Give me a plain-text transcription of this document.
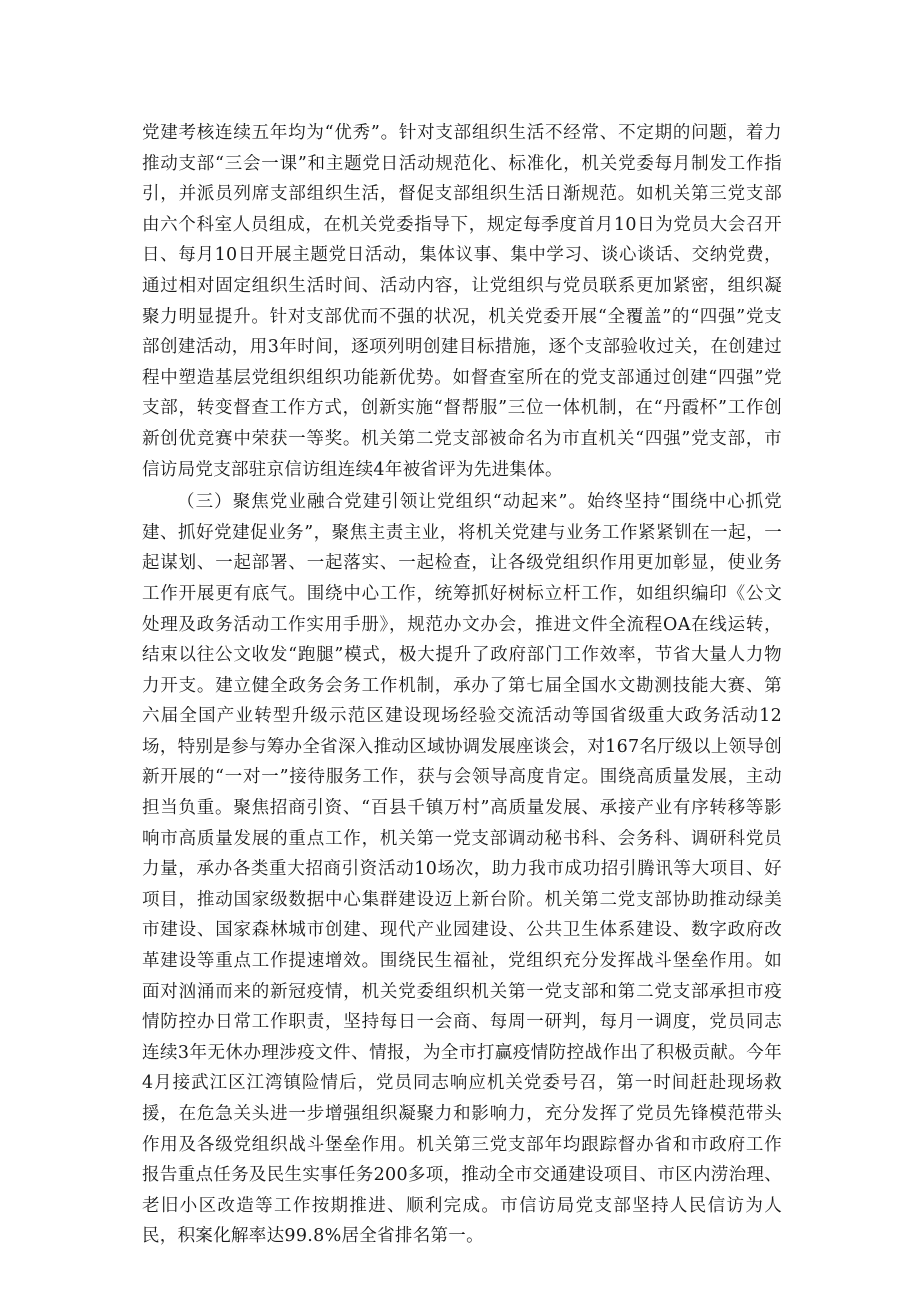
党建考核连续五年均为“优秀”。针对支部组织生活不经常、不定期的问题，着力推动支部“三会一课”和主题党日活动规范化、标准化，机关党委每月制发工作指引，并派员列席支部组织生活，督促支部组织生活日渐规范。如机关第三党支部由六个科室人员组成，在机关党委指导下，规定每季度首月10日为党员大会召开日、每月10日开展主题党日活动，集体议事、集中学习、谈心谈话、交纳党费，通过相对固定组织生活时间、活动内容，让党组织与党员联系更加紧密，组织凝聚力明显提升。针对支部优而不强的状况，机关党委开展“全覆盖”的“四强”党支部创建活动，用3年时间，逐项列明创建目标措施，逐个支部验收过关，在创建过程中塑造基层党组织组织功能新优势。如督查室所在的党支部通过创建“四强”党支部，转变督查工作方式，创新实施“督帮服”三位一体机制，在“丹霞杯”工作创新创优竞赛中荣获一等奖。机关第二党支部被命名为市直机关“四强”党支部，市信访局党支部驻京信访组连续4年被省评为先进集体。

（三）聚焦党业融合党建引领让党组织“动起来”。始终坚持“围绕中心抓党建、抓好党建促业务”，聚焦主责主业，将机关党建与业务工作紧紧钏在一起，一起谋划、一起部署、一起落实、一起检查，让各级党组织作用更加彰显，使业务工作开展更有底气。围绕中心工作，统筹抓好树标立杆工作，如组织编印《公文处理及政务活动工作实用手册》，规范办文办会，推进文件全流程OA在线运转，结束以往公文收发“跑腿”模式，极大提升了政府部门工作效率，节省大量人力物力开支。建立健全政务会务工作机制，承办了第七届全国水文勘测技能大赛、第六届全国产业转型升级示范区建设现场经验交流活动等国省级重大政务活动12场，特别是参与筹办全省深入推动区域协调发展座谈会，对167名厅级以上领导创新开展的“一对一”接待服务工作，获与会领导高度肯定。围绕高质量发展，主动担当负重。聚焦招商引资、“百县千镇万村”高质量发展、承接产业有序转移等影响市高质量发展的重点工作，机关第一党支部调动秘书科、会务科、调研科党员力量，承办各类重大招商引资活动10场次，助力我市成功招引腾讯等大项目、好项目，推动国家级数据中心集群建设迈上新台阶。机关第二党支部协助推动绿美市建设、国家森林城市创建、现代产业园建设、公共卫生体系建设、数字政府改革建设等重点工作提速增效。围绕民生福祉，党组织充分发挥战斗堡垒作用。如面对汹涌而来的新冠疫情，机关党委组织机关第一党支部和第二党支部承担市疫情防控办日常工作职责，坚持每日一会商、每周一研判，每月一调度，党员同志连续3年无休办理涉疫文件、情报，为全市打赢疫情防控战作出了积极贡献。今年4月接武江区江湾镇险情后，党员同志响应机关党委号召，第一时间赶赴现场救援，在危急关头进一步增强组织凝聚力和影响力，充分发挥了党员先锋模范带头作用及各级党组织战斗堡垒作用。机关第三党支部年均跟踪督办省和市政府工作报告重点任务及民生实事任务200多项，推动全市交通建设项目、市区内涝治理、老旧小区改造等工作按期推进、顺利完成。市信访局党支部坚持人民信访为人民，积案化解率达99.8%居全省排名第一。
